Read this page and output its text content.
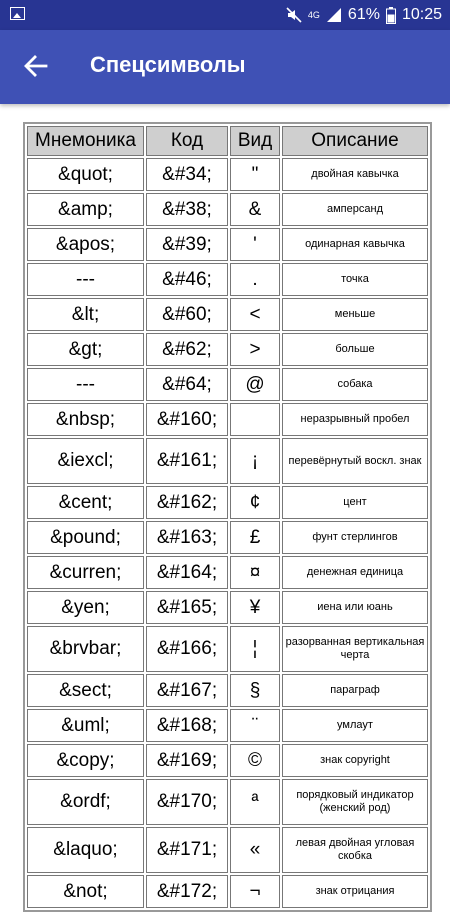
4G 61% 10:25
Спецсимволы
Мнемоника	Код	Вид	Описание
&quot;	&#34;	"	двойная кавычка
&amp;	&#38;	&	амперсанд
&apos;	&#39;	'	одинарная кавычка
---	&#46;	.	точка
&lt;	&#60;	<	меньше
&gt;	&#62;	>	больше
---	&#64;	@	собака
&nbsp;	&#160;		неразрывный пробел
&iexcl;	&#161;	¡	перевёрнутый воскл. знак
&cent;	&#162;	¢	цент
&pound;	&#163;	£	фунт стерлингов
&curren;	&#164;	¤	денежная единица
&yen;	&#165;	¥	иена или юань
&brvbar;	&#166;	¦	разорванная вертикальная черта
&sect;	&#167;	§	параграф
&uml;	&#168;	¨	умлаут
&copy;	&#169;	©	знак copyright
&ordf;	&#170;	ª	порядковый индикатор (женский род)
&laquo;	&#171;	«	левая двойная угловая скобка
&not;	&#172;	¬	знак отрицания
